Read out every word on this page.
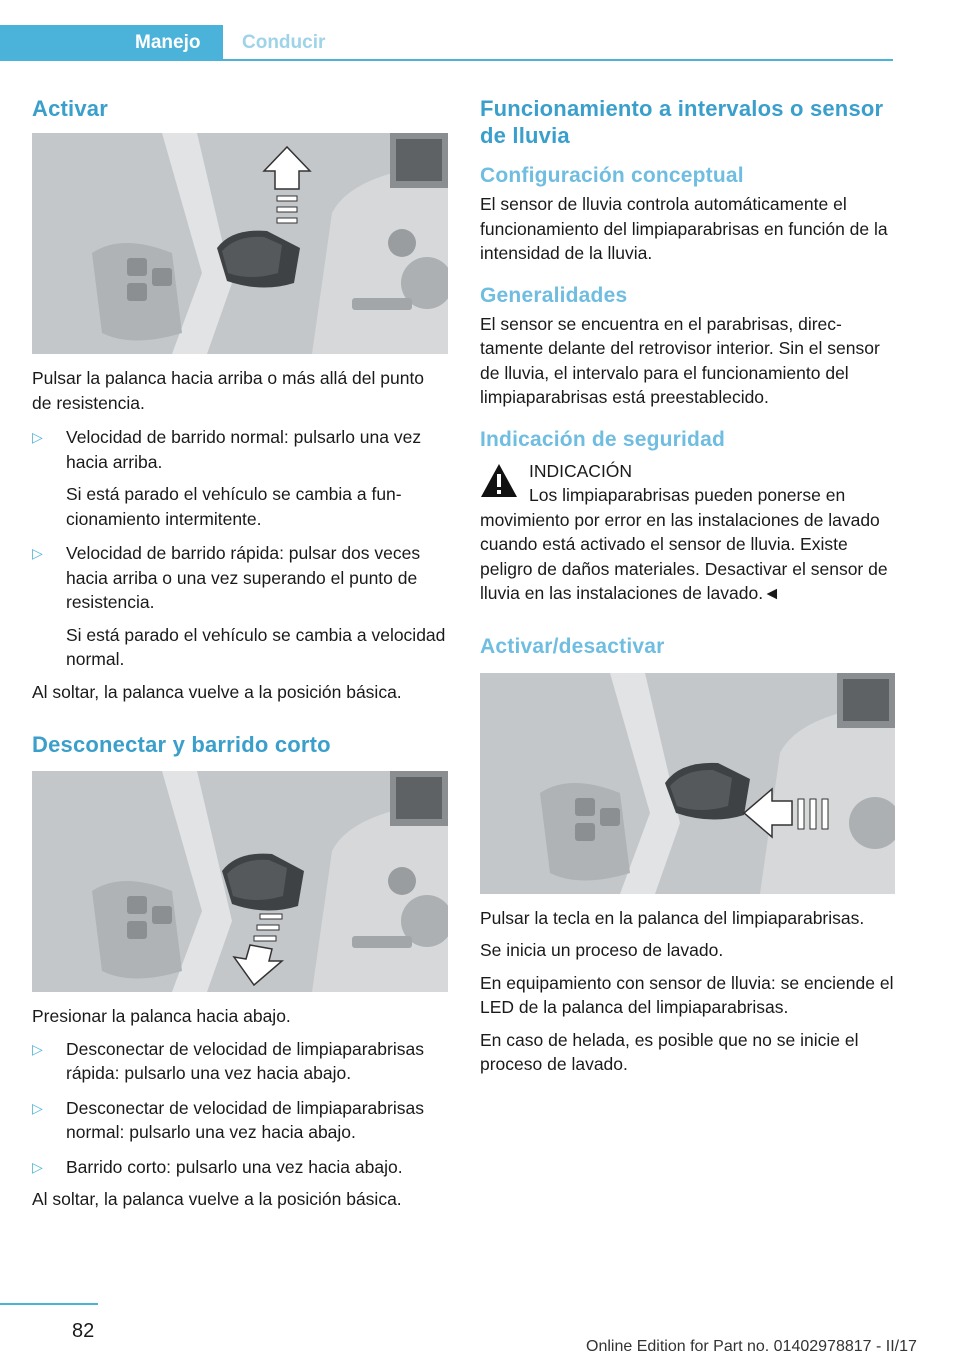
Manejo Conducir
Activar

Pulsar la palanca hacia arriba o más allá del punto de resistencia.

▷ Velocidad de barrido normal: pulsarlo una vez hacia arriba.
Si está parado el vehículo se cambia a funcionamiento intermitente.
▷ Velocidad de barrido rápida: pulsar dos veces hacia arriba o una vez superando el punto de resistencia.
Si está parado el vehículo se cambia a velocidad normal.

Al soltar, la palanca vuelve a la posición básica.

Desconectar y barrido corto

Presionar la palanca hacia abajo.

▷ Desconectar de velocidad de limpiaparabrisas rápida: pulsarlo una vez hacia abajo.
▷ Desconectar de velocidad de limpiaparabrisas normal: pulsarlo una vez hacia abajo.
▷ Barrido corto: pulsarlo una vez hacia abajo.

Al soltar, la palanca vuelve a la posición básica.

Funcionamiento a intervalos o sensor de lluvia
Configuración conceptual

El sensor de lluvia controla automáticamente el funcionamiento del limpiaparabrisas en función de la intensidad de la lluvia.

Generalidades

El sensor se encuentra en el parabrisas, directamente delante del retrovisor interior. Sin el sensor de lluvia, el intervalo para el funcionamiento del limpiaparabrisas está preestablecido.

Indicación de seguridad

INDICACIÓN

Los limpiaparabrisas pueden ponerse en

movimiento por error en las instalaciones de lavado cuando está activado el sensor de lluvia. Existe peligro de daños materiales. Desactivar el sensor de lluvia en las instalaciones de lavado.◄

Activar/desactivar

Pulsar la tecla en la palanca del limpiaparabrisas.

Se inicia un proceso de lavado.

En equipamiento con sensor de lluvia: se enciende el LED de la palanca del limpiaparabrisas.

En caso de helada, es posible que no se inicie el proceso de lavado.

82
Online Edition for Part no. 01402978817 - II/17
